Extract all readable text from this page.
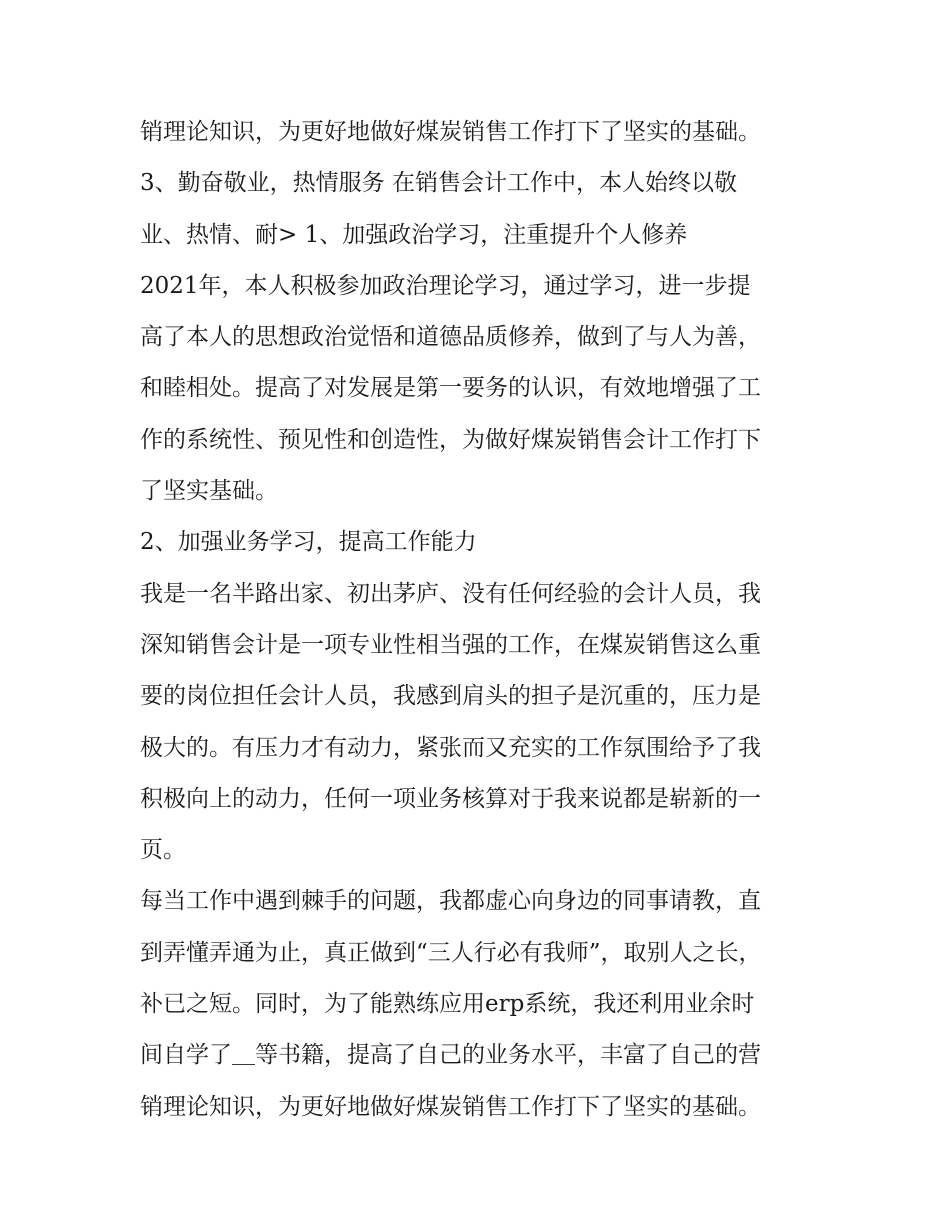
销理论知识，为更好地做好煤炭销售工作打下了坚实的基础。
3、勤奋敬业，热情服务 在销售会计工作中，本人始终以敬
业、热情、耐> 1、加强政治学习，注重提升个人修养
2021年，本人积极参加政治理论学习，通过学习，进一步提
高了本人的思想政治觉悟和道德品质修养，做到了与人为善，
和睦相处。提高了对发展是第一要务的认识，有效地增强了工
作的系统性、预见性和创造性，为做好煤炭销售会计工作打下
了坚实基础。
2、加强业务学习，提高工作能力
我是一名半路出家、初出茅庐、没有任何经验的会计人员，我
深知销售会计是一项专业性相当强的工作，在煤炭销售这么重
要的岗位担任会计人员，我感到肩头的担子是沉重的，压力是
极大的。有压力才有动力，紧张而又充实的工作氛围给予了我
积极向上的动力，任何一项业务核算对于我来说都是崭新的一
页。
每当工作中遇到棘手的问题，我都虚心向身边的同事请教，直
到弄懂弄通为止，真正做到“三人行必有我师”，取别人之长，
补已之短。同时，为了能熟练应用erp系统，我还利用业余时
间自学了＿等书籍，提高了自己的业务水平，丰富了自己的营
销理论知识，为更好地做好煤炭销售工作打下了坚实的基础。
